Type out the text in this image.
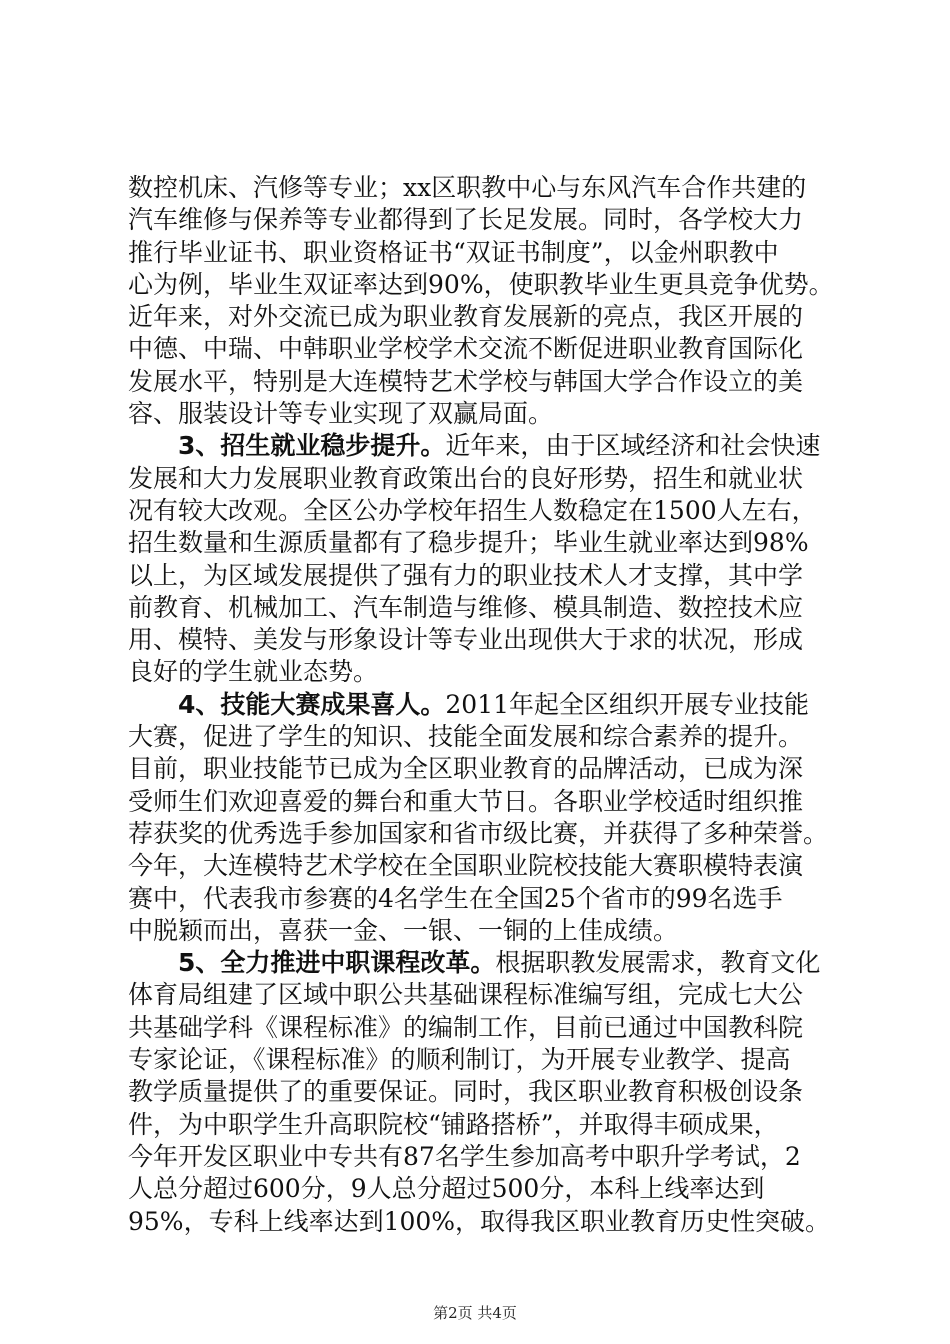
数控机床、汽修等专业；xx区职教中心与东风汽车合作共建的
汽车维修与保养等专业都得到了长足发展。同时，各学校大力
推行毕业证书、职业资格证书“双证书制度”，以金州职教中
心为例，毕业生双证率达到90%，使职教毕业生更具竞争优势。
近年来，对外交流已成为职业教育发展新的亮点，我区开展的
中德、中瑞、中韩职业学校学术交流不断促进职业教育国际化
发展水平，特别是大连模特艺术学校与韩国大学合作设立的美
容、服装设计等专业实现了双赢局面。
3、招生就业稳步提升。近年来，由于区域经济和社会快速
发展和大力发展职业教育政策出台的良好形势，招生和就业状
况有较大改观。全区公办学校年招生人数稳定在1500人左右，
招生数量和生源质量都有了稳步提升；毕业生就业率达到98%
以上，为区域发展提供了强有力的职业技术人才支撑，其中学
前教育、机械加工、汽车制造与维修、模具制造、数控技术应
用、模特、美发与形象设计等专业出现供大于求的状况，形成
良好的学生就业态势。
4、技能大赛成果喜人。2011年起全区组织开展专业技能
大赛，促进了学生的知识、技能全面发展和综合素养的提升。
目前，职业技能节已成为全区职业教育的品牌活动，已成为深
受师生们欢迎喜爱的舞台和重大节日。各职业学校适时组织推
荐获奖的优秀选手参加国家和省市级比赛，并获得了多种荣誉。
今年，大连模特艺术学校在全国职业院校技能大赛职模特表演
赛中，代表我市参赛的4名学生在全国25个省市的99名选手
中脱颖而出，喜获一金、一银、一铜的上佳成绩。
5、全力推进中职课程改革。根据职教发展需求，教育文化
体育局组建了区域中职公共基础课程标准编写组，完成七大公
共基础学科《课程标准》的编制工作，目前已通过中国教科院
专家论证，《课程标准》的顺利制订，为开展专业教学、提高
教学质量提供了的重要保证。同时，我区职业教育积极创设条
件，为中职学生升高职院校“铺路搭桥”，并取得丰硕成果，
今年开发区职业中专共有87名学生参加高考中职升学考试，2
人总分超过600分，9人总分超过500分，本科上线率达到
95%，专科上线率达到100%，取得我区职业教育历史性突破。
第2页 共4页
